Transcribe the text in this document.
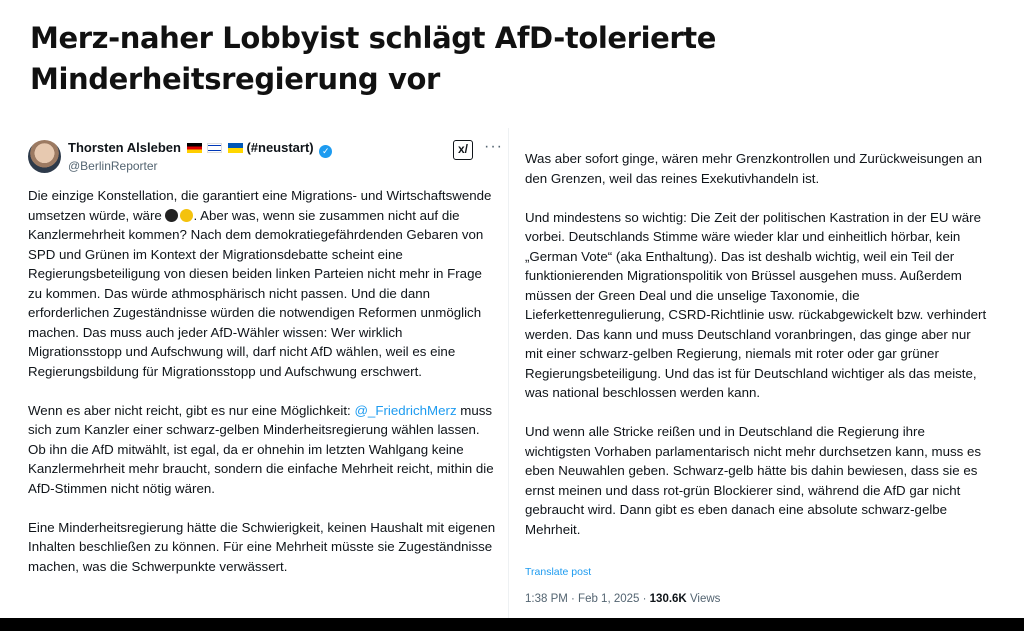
Merz-naher Lobbyist schlägt AfD-tolerierte
Minderheitsregierung vor
Thorsten Alsleben	(#neustart) ✓
@BerlinReporter
x/	···

Die einzige Konstellation, die garantiert eine Migrations- und Wirtschaftswende umsetzen würde, wäre . Aber was, wenn sie zusammen nicht auf die Kanzlermehrheit kommen? Nach dem demokratiegefährdenden Gebaren von SPD und Grünen im Kontext der Migrationsdebatte scheint eine Regierungsbeteiligung von diesen beiden linken Parteien nicht mehr in Frage zu kommen. Das würde athmosphärisch nicht passen. Und die dann erforderlichen Zugeständnisse würden die notwendigen Reformen unmöglich machen. Das muss auch jeder AfD-Wähler wissen: Wer wirklich Migrationsstopp und Aufschwung will, darf nicht AfD wählen, weil es eine Regierungsbildung für Migrationsstopp und Aufschwung erschwert.

Wenn es aber nicht reicht, gibt es nur eine Möglichkeit: @_FriedrichMerz muss sich zum Kanzler einer schwarz-gelben Minderheitsregierung wählen lassen. Ob ihn die AfD mitwählt, ist egal, da er ohnehin im letzten Wahlgang keine Kanzlermehrheit mehr braucht, sondern die einfache Mehrheit reicht, mithin die AfD-Stimmen nicht nötig wären.

Eine Minderheitsregierung hätte die Schwierigkeit, keinen Haushalt mit eigenen Inhalten beschließen zu können. Für eine Mehrheit müsste sie Zugeständnisse machen, was die Schwerpunkte verwässert.

Was aber sofort ginge, wären mehr Grenzkontrollen und Zurückweisungen an den Grenzen, weil das reines Exekutivhandeln ist.

Und mindestens so wichtig: Die Zeit der politischen Kastration in der EU wäre vorbei. Deutschlands Stimme wäre wieder klar und einheitlich hörbar, kein „German Vote“ (aka Enthaltung). Das ist deshalb wichtig, weil ein Teil der funktionierenden Migrationspolitik von Brüssel ausgehen muss. Außerdem müssen der Green Deal und die unselige Taxonomie, die Lieferkettenregulierung, CSRD-Richtlinie usw. rückabgewickelt bzw. verhindert werden. Das kann und muss Deutschland voranbringen, das ginge aber nur mit einer schwarz-gelben Regierung, niemals mit roter oder gar grüner Regierungsbeteiligung. Und das ist für Deutschland wichtiger als das meiste, was national beschlossen werden kann.

Und wenn alle Stricke reißen und in Deutschland die Regierung ihre wichtigsten Vorhaben parlamentarisch nicht mehr durchsetzen kann, muss es eben Neuwahlen geben. Schwarz-gelb hätte bis dahin bewiesen, dass sie es ernst meinen und dass rot-grün Blockierer sind, während die AfD gar nicht gebraucht wird. Dann gibt es eben danach eine absolute schwarz-gelbe Mehrheit.

Translate post
1:38 PM · Feb 1, 2025 · 130.6K Views
